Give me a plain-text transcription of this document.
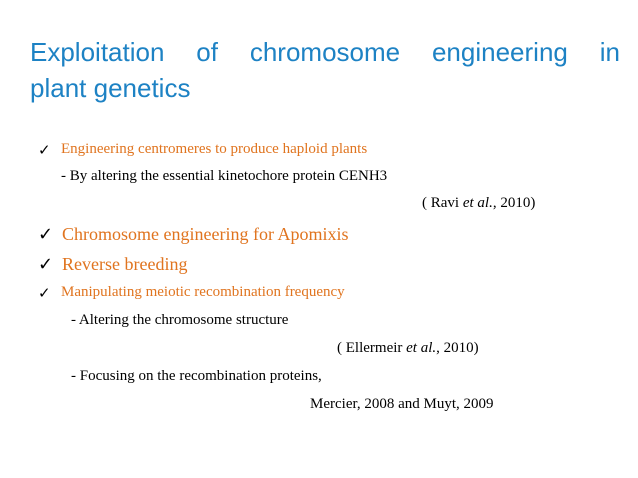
Exploitation of chromosome engineering in
plant genetics
✓ Engineering centromeres to produce haploid plants
- By altering the essential kinetochore protein CENH3
( Ravi et al., 2010)
✓ Chromosome engineering for Apomixis
✓ Reverse breeding
✓ Manipulating meiotic recombination frequency
- Altering the chromosome structure
( Ellermeir et al., 2010)
- Focusing on the recombination proteins,
Mercier, 2008 and Muyt, 2009
